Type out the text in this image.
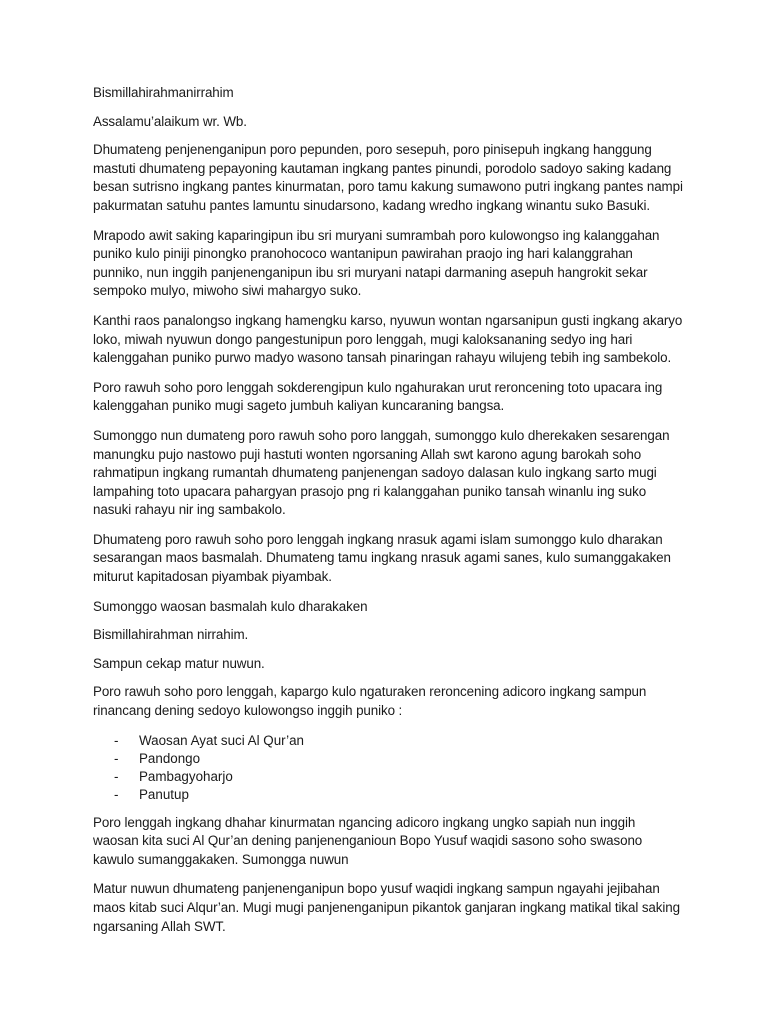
Bismillahirahmanirrahim

Assalamu’alaikum wr. Wb.

Dhumateng penjenenganipun poro pepunden, poro sesepuh, poro pinisepuh ingkang hanggung mastuti dhumateng pepayoning kautaman ingkang pantes pinundi, porodolo sadoyo saking kadang besan sutrisno ingkang pantes kinurmatan, poro tamu kakung sumawono putri ingkang pantes nampi pakurmatan satuhu pantes lamuntu sinudarsono, kadang wredho ingkang winantu suko Basuki.

Mrapodo awit saking kaparingipun ibu sri muryani sumrambah poro kulowongso ing kalanggahan puniko kulo piniji pinongko pranohococo wantanipun pawirahan praojo ing hari kalanggrahan punniko, nun inggih panjenenganipun ibu sri muryani natapi darmaning asepuh hangrokit sekar sempoko mulyo, miwoho siwi mahargyo suko.

Kanthi raos panalongso ingkang hamengku karso, nyuwun wontan ngarsanipun gusti ingkang akaryo loko, miwah nyuwun dongo pangestunipun poro lenggah, mugi kaloksananing sedyo ing hari kalenggahan puniko purwo madyo wasono tansah pinaringan rahayu wilujeng tebih ing sambekolo.

Poro rawuh soho poro lenggah sokderengipun kulo ngahurakan urut reroncening toto upacara ing kalenggahan puniko mugi sageto jumbuh kaliyan kuncaraning bangsa.

Sumonggo nun dumateng poro rawuh soho poro langgah, sumonggo kulo dherekaken sesarengan manungku pujo nastowo puji hastuti wonten ngorsaning Allah swt karono agung barokah soho rahmatipun ingkang rumantah dhumateng panjenengan sadoyo dalasan kulo ingkang sarto mugi lampahing toto upacara pahargyan prasojo png ri kalanggahan puniko tansah winanlu ing suko nasuki rahayu nir ing sambakolo.

Dhumateng poro rawuh soho poro lenggah ingkang nrasuk agami islam sumonggo kulo dharakan sesarangan maos basmalah. Dhumateng tamu ingkang nrasuk agami sanes, kulo sumanggakaken miturut kapitadosan piyambak piyambak.

Sumonggo waosan basmalah kulo dharakaken

Bismillahirahman nirrahim.

Sampun cekap matur nuwun.

Poro rawuh soho poro lenggah, kapargo kulo ngaturaken reroncening adicoro ingkang sampun rinancang dening sedoyo kulowongso inggih puniko :

- Waosan Ayat suci Al Qur’an
- Pandongo
- Pambagyoharjo
- Panutup

Poro lenggah ingkang dhahar kinurmatan ngancing adicoro ingkang ungko sapiah nun inggih waosan kita suci Al Qur’an dening panjenenganioun Bopo Yusuf waqidi sasono soho swasono kawulo sumanggakaken. Sumongga nuwun

Matur nuwun dhumateng panjenenganipun bopo yusuf waqidi ingkang sampun ngayahi jejibahan maos kitab suci Alqur’an. Mugi mugi panjenenganipun pikantok ganjaran ingkang matikal tikal saking ngarsaning Allah SWT.
